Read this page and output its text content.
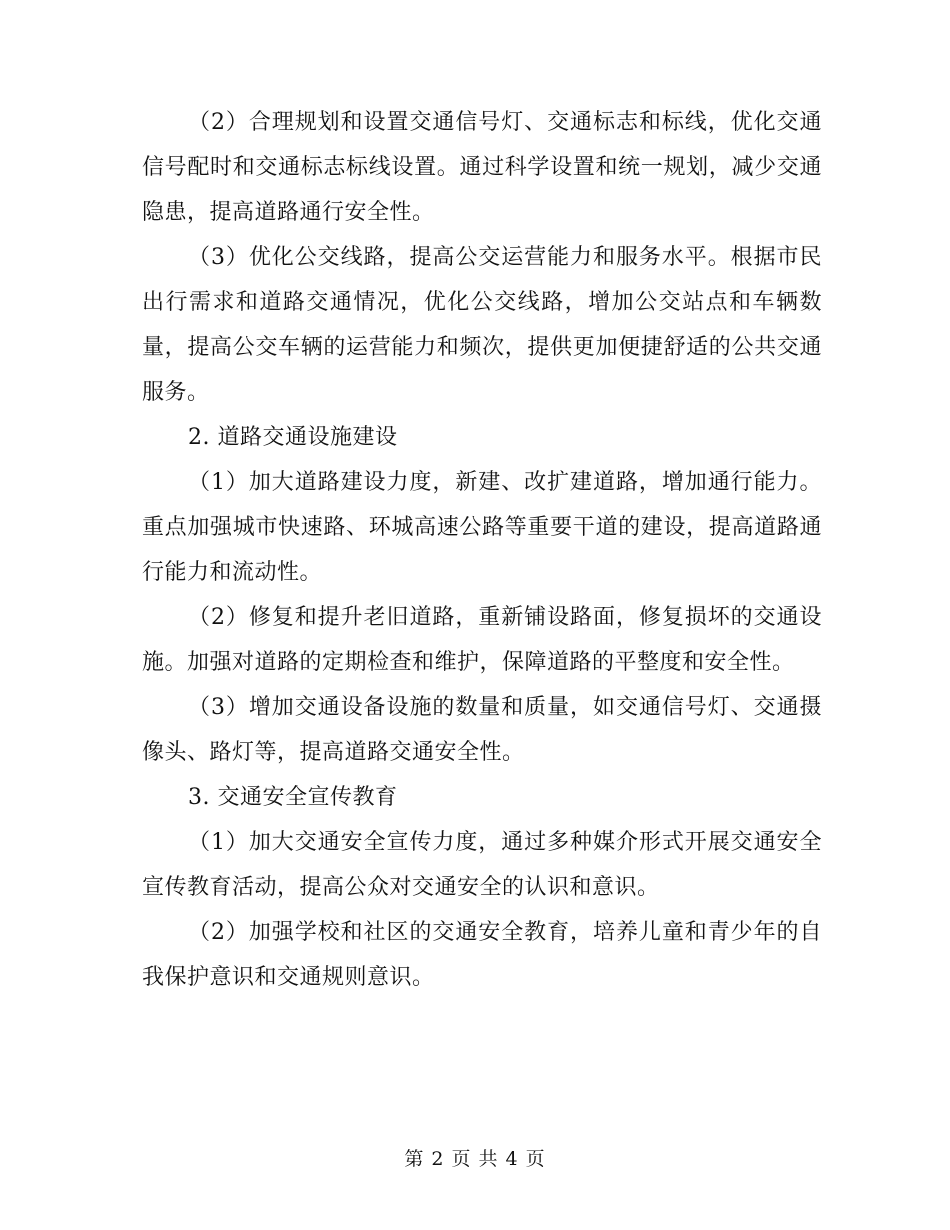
（2）合理规划和设置交通信号灯、交通标志和标线，优化交通信号配时和交通标志标线设置。通过科学设置和统一规划，减少交通隐患，提高道路通行安全性。

（3）优化公交线路，提高公交运营能力和服务水平。根据市民出行需求和道路交通情况，优化公交线路，增加公交站点和车辆数量，提高公交车辆的运营能力和频次，提供更加便捷舒适的公共交通服务。

2. 道路交通设施建设

（1）加大道路建设力度，新建、改扩建道路，增加通行能力。重点加强城市快速路、环城高速公路等重要干道的建设，提高道路通行能力和流动性。

（2）修复和提升老旧道路，重新铺设路面，修复损坏的交通设施。加强对道路的定期检查和维护，保障道路的平整度和安全性。

（3）增加交通设备设施的数量和质量，如交通信号灯、交通摄像头、路灯等，提高道路交通安全性。

3. 交通安全宣传教育

（1）加大交通安全宣传力度，通过多种媒介形式开展交通安全宣传教育活动，提高公众对交通安全的认识和意识。

（2）加强学校和社区的交通安全教育，培养儿童和青少年的自我保护意识和交通规则意识。

第 2 页 共 4 页
